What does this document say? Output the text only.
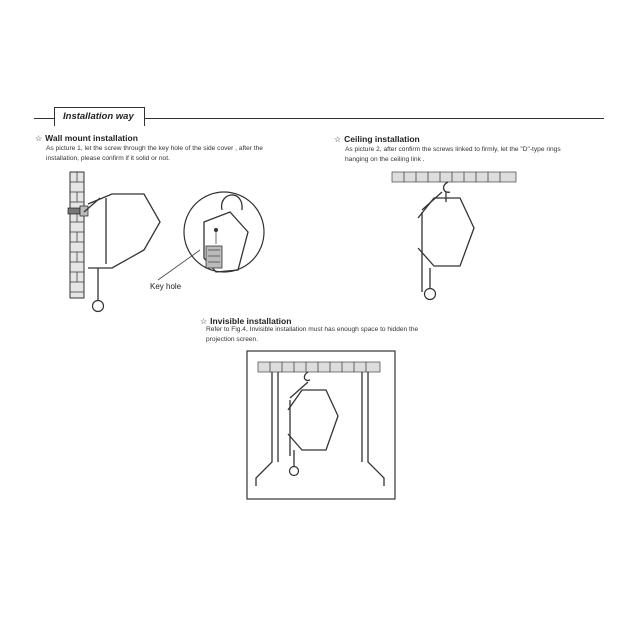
Installation way
☆ Wall mount installation
As picture 1, let the screw through the key hole of the side cover , after the
installation, please confirm if it solid or not.
☆ Ceiling installation
As picture 2, after confirm the screws linked to firmly, let the "D"-type rings
hanging on the ceiling link .
☆ Invisible installation
Refer to Fig.4, Invisible installation must has enough space to hidden the
projection screen.
Key hole
